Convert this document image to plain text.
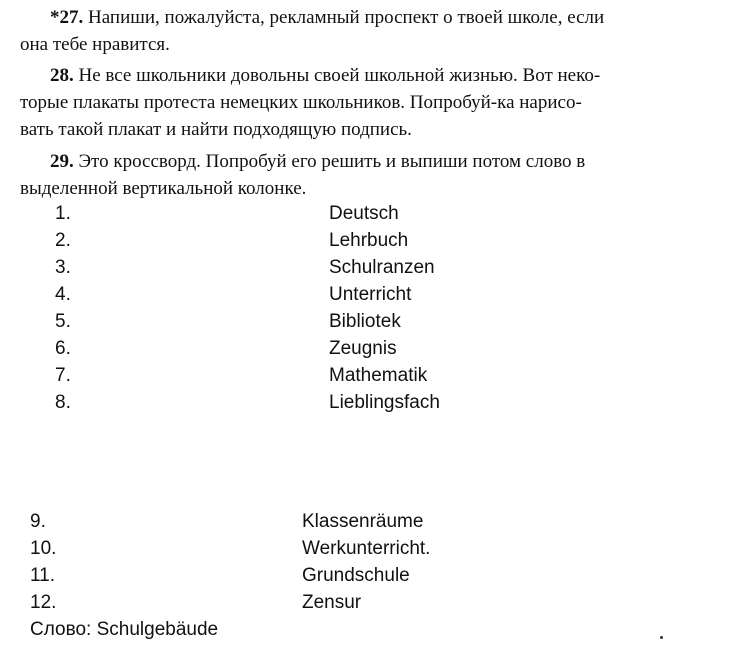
*27. Напиши, пожалуйста, рекламный проспект о твоей школе, если
она тебе нравится.
28. Не все школьники довольны своей школьной жизнью. Вот неко-
торые плакаты протеста немецких школьников. Попробуй-ка нарисо-
вать такой плакат и найти подходящую подпись.
29. Это кроссворд. Попробуй его решить и выпиши потом слово в
выделенной вертикальной колонке.
1.	Deutsch
2.	Lehrbuch
3.	Schulranzen
4.	Unterricht
5.	Bibliotek
6.	Zeugnis
7.	Mathematik
8.	Lieblingsfach
9.	Klassenräume
10.	Werkunterricht.
11.	Grundschule
12.	Zensur
Слово: Schulgebäude
